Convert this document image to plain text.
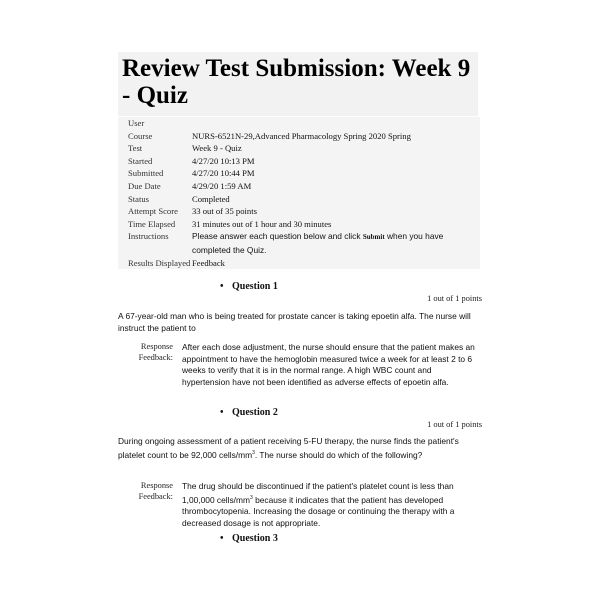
Review Test Submission: Week 9 - Quiz
User
Course	NURS-6521N-29,Advanced Pharmacology Spring 2020 Spring
Test	Week 9 - Quiz
Started	4/27/20 10:13 PM
Submitted	4/27/20 10:44 PM
Due Date	4/29/20 1:59 AM
Status	Completed
Attempt Score	33 out of 35 points
Time Elapsed	31 minutes out of 1 hour and 30 minutes
Instructions	Please answer each question below and click Submit when you have completed the Quiz.
Results Displayed Feedback
• Question 1
1 out of 1 points

A 67-year-old man who is being treated for prostate cancer is taking epoetin alfa. The nurse will instruct the patient to

Response Feedback:
After each dose adjustment, the nurse should ensure that the patient makes an appointment to have the hemoglobin measured twice a week for at least 2 to 6 weeks to verify that it is in the normal range. A high WBC count and hypertension have not been identified as adverse effects of epoetin alfa.
• Question 2
1 out of 1 points

During ongoing assessment of a patient receiving 5-FU therapy, the nurse finds the patient's platelet count to be 92,000 cells/$mm^3$. The nurse should do which of the following?

Response Feedback:
The drug should be discontinued if the patient's platelet count is less than 1,00,000 cells/$mm^3$ because it indicates that the patient has developed thrombocytopenia. Increasing the dosage or continuing the therapy with a decreased dosage is not appropriate.
• Question 3
